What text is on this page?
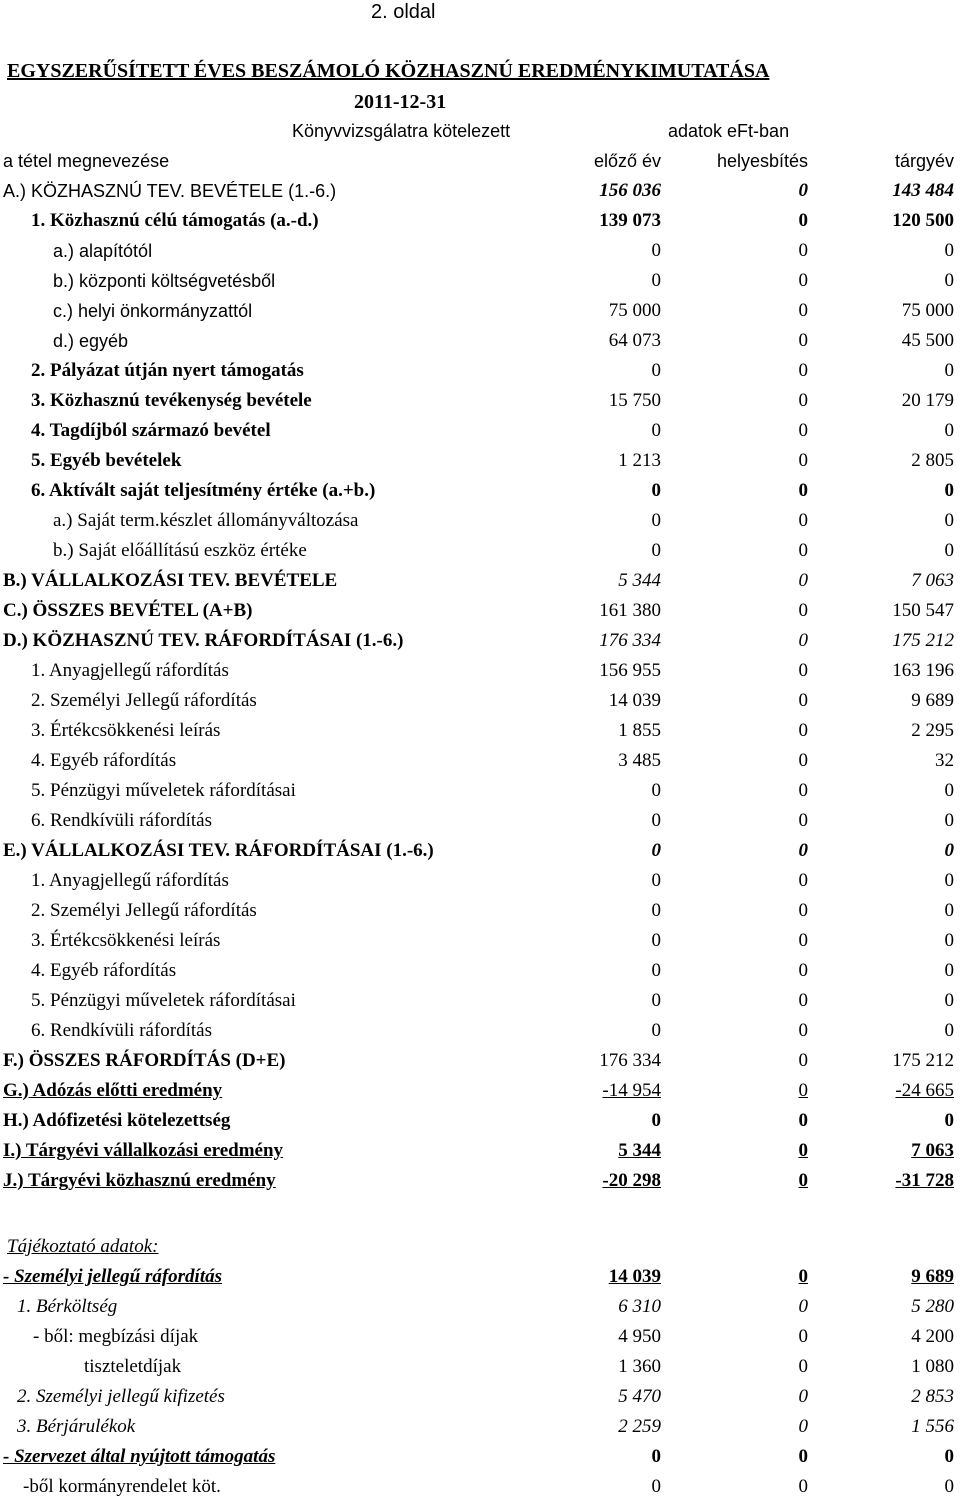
2. oldal
EGYSZERŰSÍTETT ÉVES BESZÁMOLÓ KÖZHASZNÚ EREDMÉNYKIMUTATÁSA
2011-12-31
Könyvvizsgálatra kötelezett	adatok eFt-ban
a tétel megnevezése	előző év	helyesbítés	tárgyév
A.) KÖZHASZNÚ TEV. BEVÉTELE (1.-6.)	156 036	0	143 484
1. Közhasznú célú támogatás (a.-d.)	139 073	0	120 500
a.) alapítótól	0	0	0
b.) központi költségvetésből	0	0	0
c.) helyi önkormányzattól	75 000	0	75 000
d.) egyéb	64 073	0	45 500
2. Pályázat útján nyert támogatás	0	0	0
3. Közhasznú tevékenység bevétele	15 750	0	20 179
4. Tagdíjból származó bevétel	0	0	0
5. Egyéb bevételek	1 213	0	2 805
6. Aktívált saját teljesítmény értéke (a.+b.)	0	0	0
a.) Saját term.készlet állományváltozása	0	0	0
b.) Saját előállítású eszköz értéke	0	0	0
B.) VÁLLALKOZÁSI TEV. BEVÉTELE	5 344	0	7 063
C.) ÖSSZES BEVÉTEL (A+B)	161 380	0	150 547
D.) KÖZHASZNÚ TEV. RÁFORDÍTÁSAI (1.-6.)	176 334	0	175 212
1. Anyagjellegű ráfordítás	156 955	0	163 196
2. Személyi Jellegű ráfordítás	14 039	0	9 689
3. Értékcsökkenési leírás	1 855	0	2 295
4. Egyéb ráfordítás	3 485	0	32
5. Pénzügyi műveletek ráfordításai	0	0	0
6. Rendkívüli ráfordítás	0	0	0
E.) VÁLLALKOZÁSI TEV. RÁFORDÍTÁSAI (1.-6.)	0	0	0
1. Anyagjellegű ráfordítás	0	0	0
2. Személyi Jellegű ráfordítás	0	0	0
3. Értékcsökkenési leírás	0	0	0
4. Egyéb ráfordítás	0	0	0
5. Pénzügyi műveletek ráfordításai	0	0	0
6. Rendkívüli ráfordítás	0	0	0
F.) ÖSSZES RÁFORDÍTÁS (D+E)	176 334	0	175 212
G.) Adózás előtti eredmény	-14 954	0	-24 665
H.) Adófizetési kötelezettség	0	0	0
I.) Tárgyévi vállalkozási eredmény	5 344	0	7 063
J.) Tárgyévi közhasznú eredmény	-20 298	0	-31 728
Tájékoztató adatok:
- Személyi jellegű ráfordítás	14 039	0	9 689
1. Bérköltség	6 310	0	5 280
- ből: megbízási díjak	4 950	0	4 200
tiszteletdíjak	1 360	0	1 080
2. Személyi jellegű kifizetés	5 470	0	2 853
3. Bérjárulékok	2 259	0	1 556
- Szervezet által nyújtott támogatás	0	0	0
-ből kormányrendelet köt.	0	0	0
